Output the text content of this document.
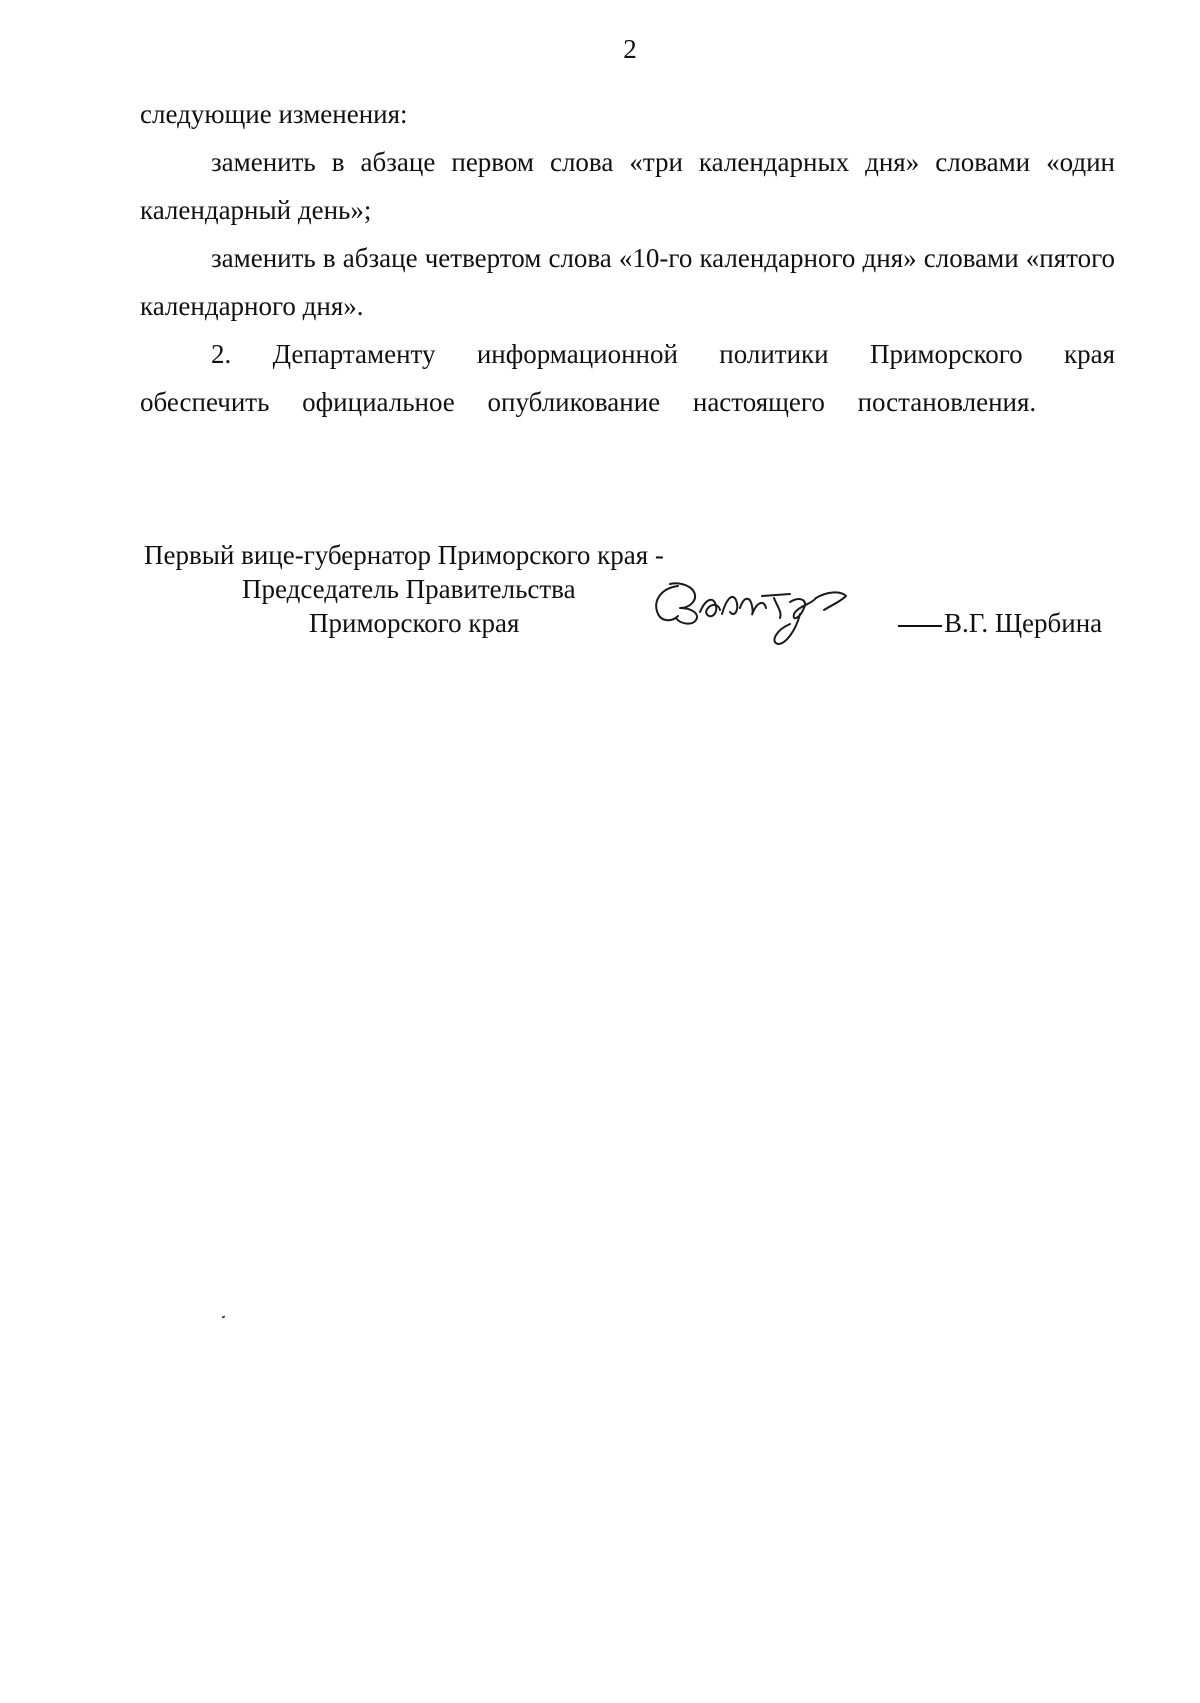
2

следующие изменения:

заменить в абзаце первом слова «три календарных дня» словами «один календарный день»;

заменить в абзаце четвертом слова «10-го календарного дня» словами «пятого календарного дня».

2. Департаменту информационной политики Приморского края обеспечить официальное опубликование настоящего постановления.

Первый вице-губернатор Приморского края -
Председатель Правительства
Приморского края	В.Г. Щербина
